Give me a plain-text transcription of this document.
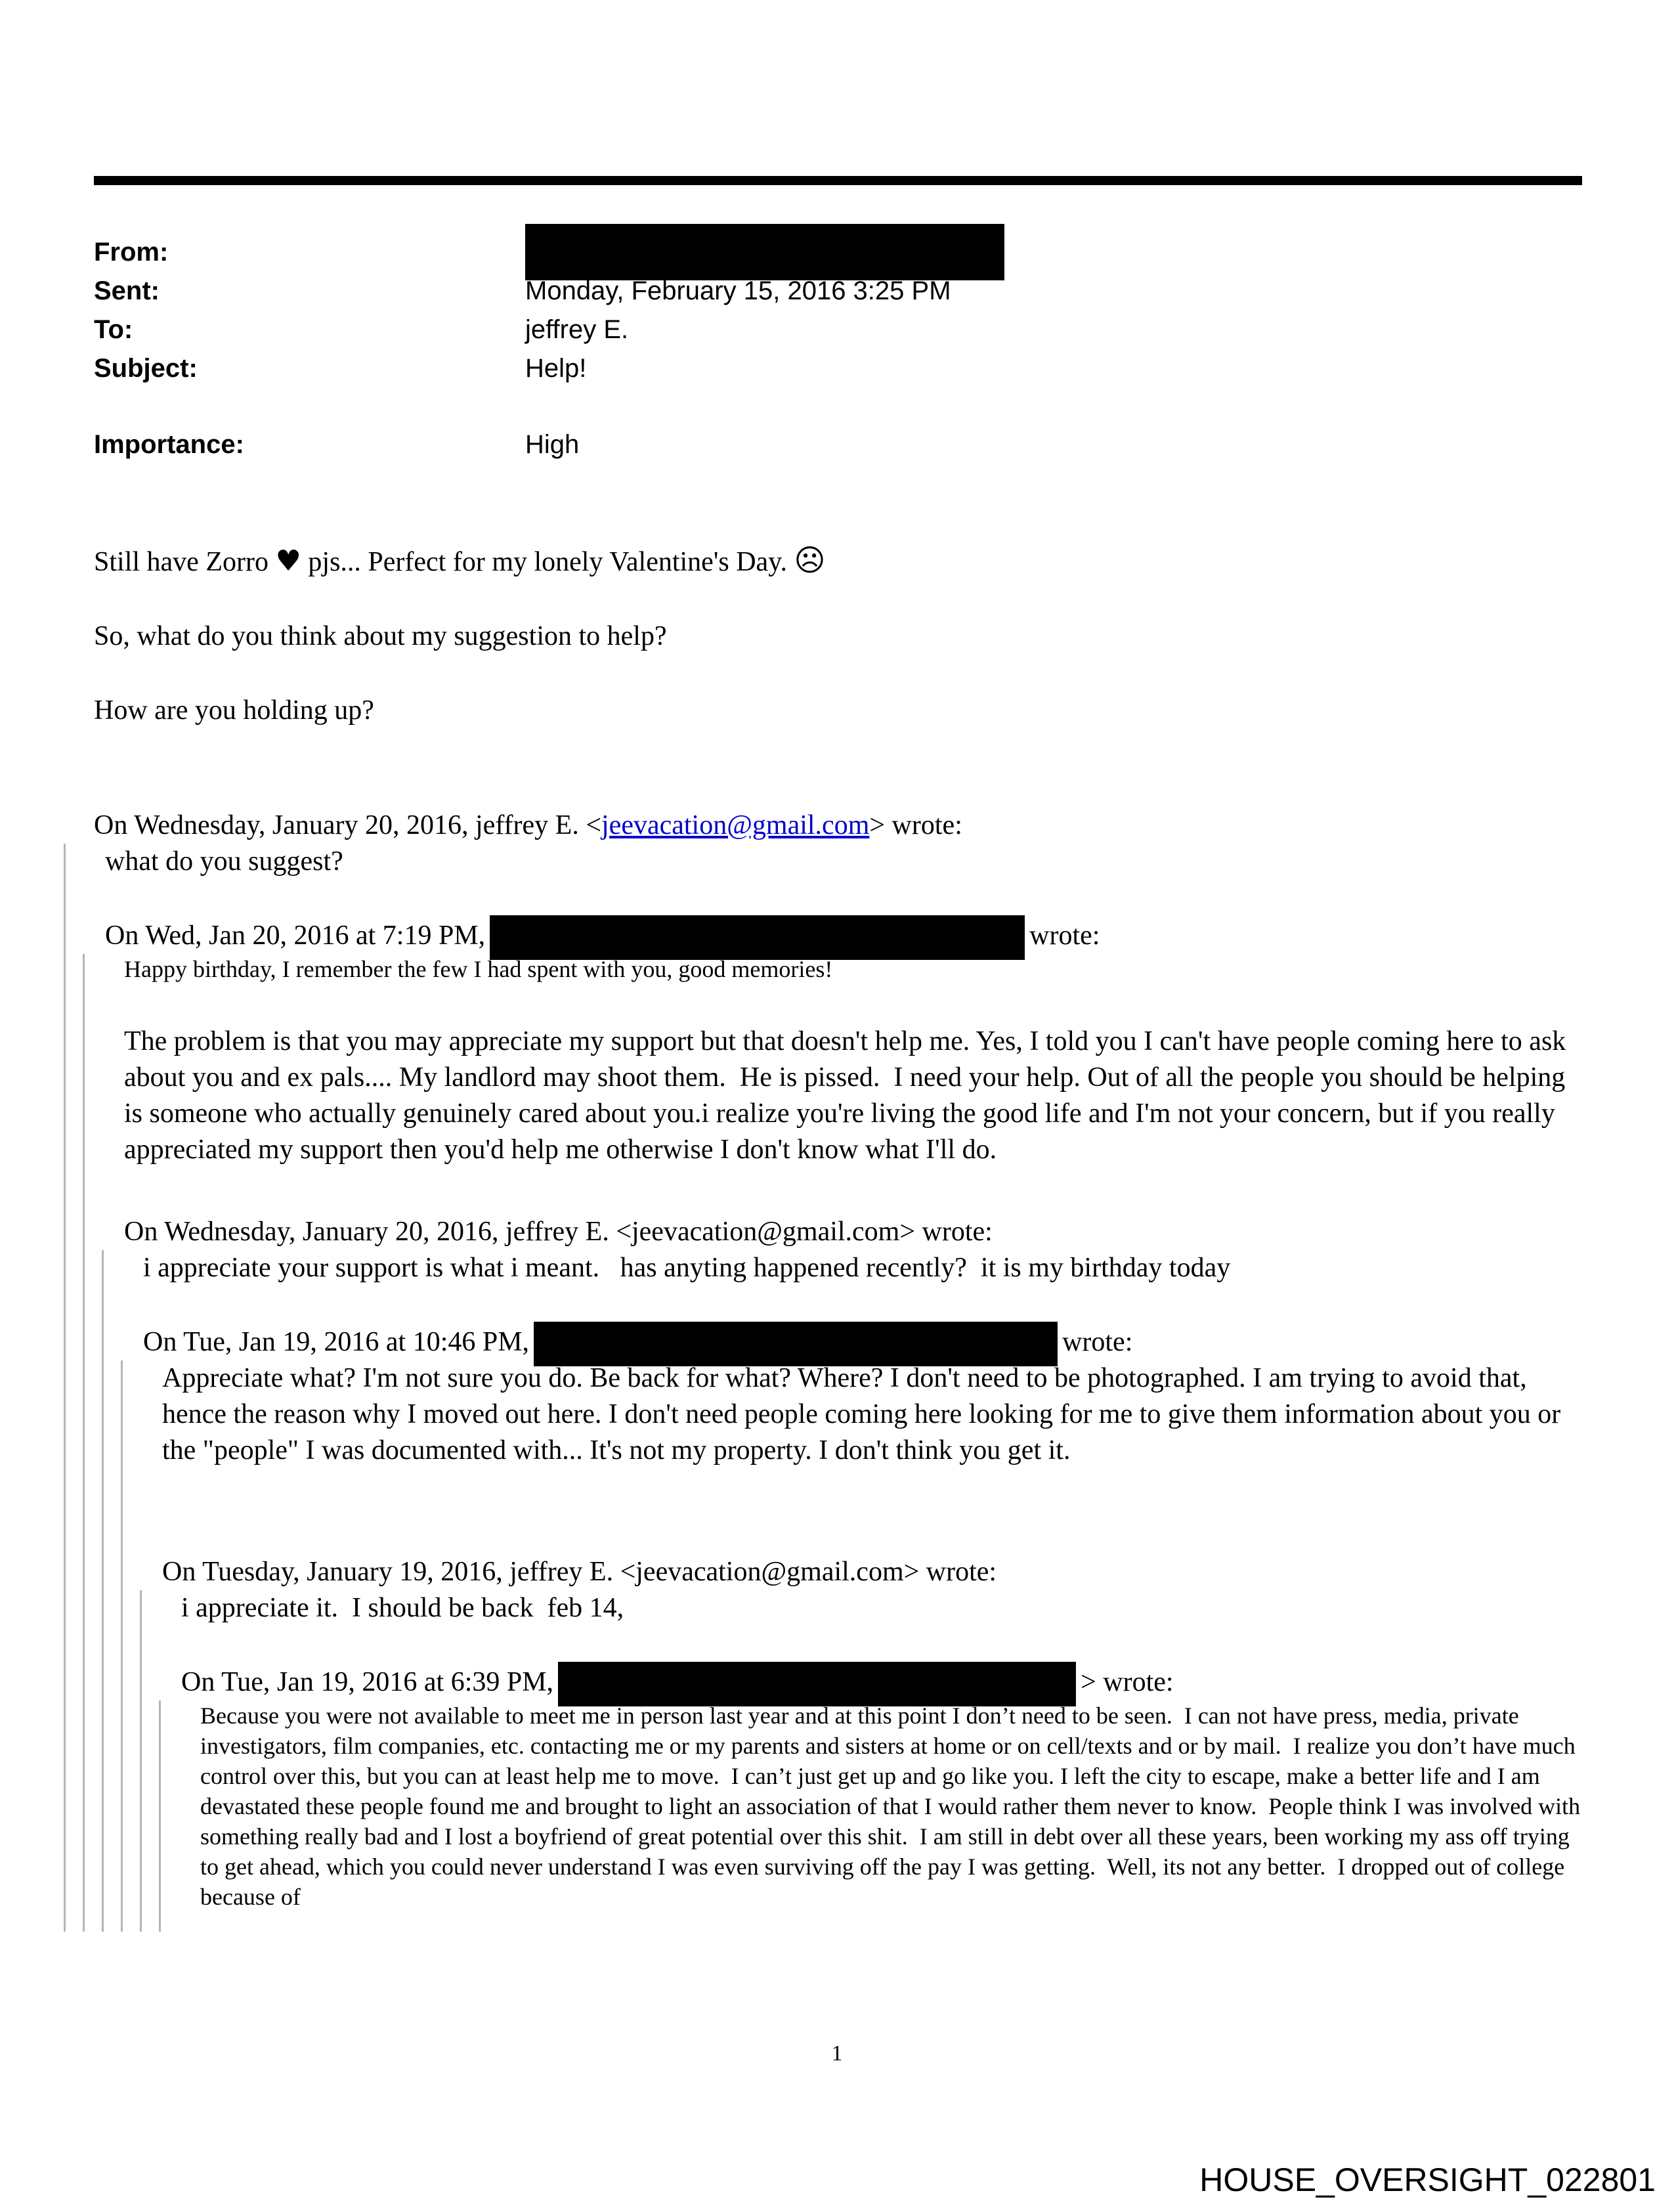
From:
Sent:	Monday, February 15, 2016 3:25 PM
To:	jeffrey E.
Subject:	Help!
Importance:	High

Still have Zorro ♥ pjs... Perfect for my lonely Valentine's Day. ☹

So, what do you think about my suggestion to help?

How are you holding up?

On Wednesday, January 20, 2016, jeffrey E. <jeevacation@gmail.com> wrote:

what do you suggest?

On Wed, Jan 20, 2016 at 7:19 PM,	wrote:

Happy birthday, I remember the few I had spent with you, good memories!

The problem is that you may appreciate my support but that doesn't help me. Yes, I told you I can't have people coming here to ask about you and ex pals.... My landlord may shoot them.  He is pissed.  I need your help. Out of all the people you should be helping is someone who actually genuinely cared about you.i realize you're living the good life and I'm not your concern, but if you really appreciated my support then you'd help me otherwise I don't know what I'll do.

On Wednesday, January 20, 2016, jeffrey E. <jeevacation@gmail.com> wrote:

i appreciate your support is what i meant.   has anyting happened recently?  it is my birthday today

On Tue, Jan 19, 2016 at 10:46 PM,	wrote:

Appreciate what? I'm not sure you do. Be back for what? Where? I don't need to be photographed. I am trying to avoid that, hence the reason why I moved out here. I don't need people coming here looking for me to give them information about you or the "people" I was documented with... It's not my property. I don't think you get it.

On Tuesday, January 19, 2016, jeffrey E. <jeevacation@gmail.com> wrote:

i appreciate it.  I should be back  feb 14,

On Tue, Jan 19, 2016 at 6:39 PM,	> wrote:

Because you were not available to meet me in person last year and at this point I don’t need to be seen.  I can not have press, media, private investigators, film companies, etc. contacting me or my parents and sisters at home or on cell/texts and or by mail.  I realize you don’t have much control over this, but you can at least help me to move.  I can’t just get up and go like you. I left the city to escape, make a better life and I am devastated these people found me and brought to light an association of that I would rather them never to know.  People think I was involved with something really bad and I lost a boyfriend of great potential over this shit.  I am still in debt over all these years, been working my ass off trying to get ahead, which you could never understand I was even surviving off the pay I was getting.  Well, its not any better.  I dropped out of college because of

1
HOUSE_OVERSIGHT_022801
